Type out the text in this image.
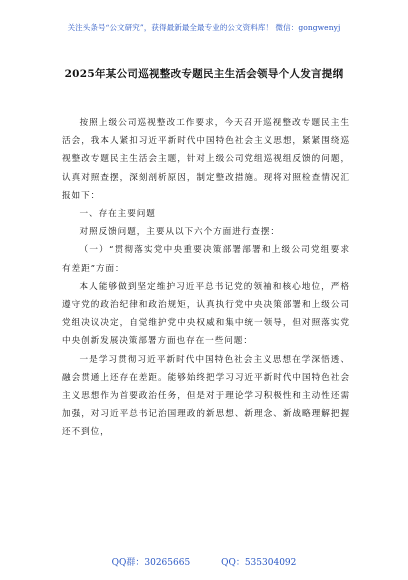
关注头条号“公文研究”，获得最新最全最专业的公文资料库！ 微信：gongwenyj
2025年某公司巡视整改专题民主生活会领导个人发言提纲

按照上级公司巡视整改工作要求，今天召开巡视整改专题民主生活会，我本人紧扣习近平新时代中国特色社会主义思想，紧紧围绕巡视整改专题民主生活会主题，针对上级公司党组巡视组反馈的问题，认真对照查摆，深刻剖析原因，制定整改措施。现将对照检查情况汇报如下：

一、存在主要问题

对照反馈问题，主要从以下六个方面进行查摆：

（一）“贯彻落实党中央重要决策部署部署和上级公司党组要求有差距”方面：

本人能够做到坚定维护习近平总书记党的领袖和核心地位，严格遵守党的政治纪律和政治规矩，认真执行党中央决策部署和上级公司党组决议决定，自觉维护党中央权威和集中统一领导，但对照落实党中央创新发展决策部署方面也存在一些问题：

一是学习贯彻习近平新时代中国特色社会主义思想在学深悟透、融会贯通上还存在差距。能够始终把学习习近平新时代中国特色社会主义思想作为首要政治任务，但是对于理论学习积极性和主动性还需加强，对习近平总书记治国理政的新思想、新理念、新战略理解把握还不到位，

QQ群：30265665	QQ：535304092
